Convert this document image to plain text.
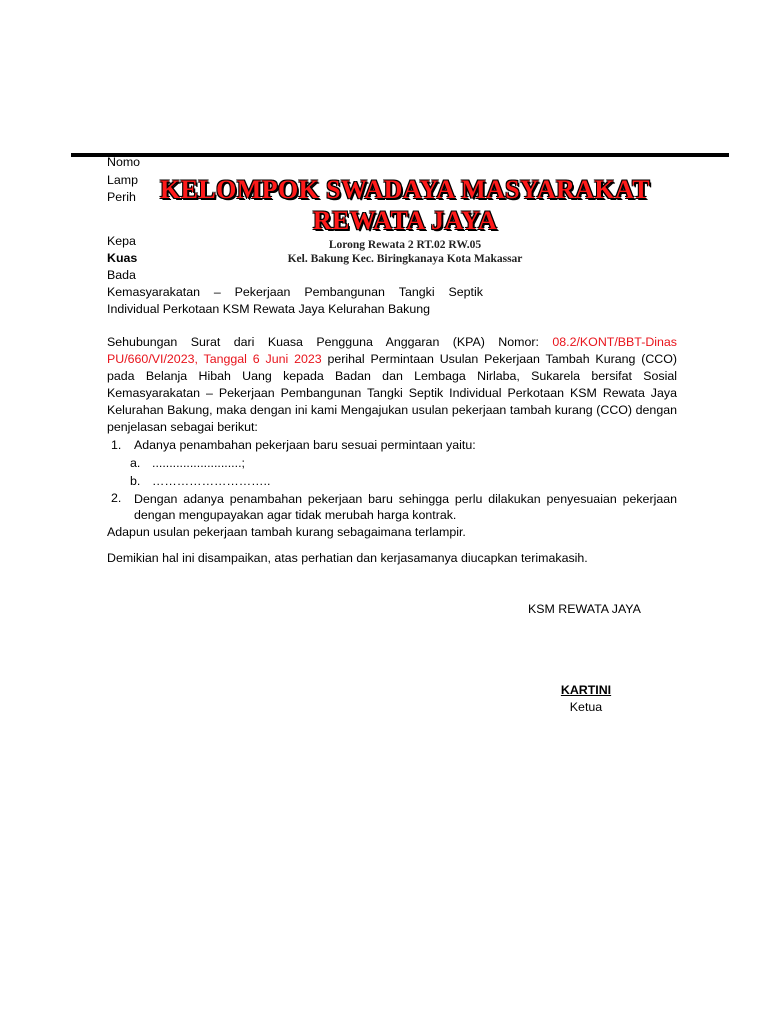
Nomo
Lamp
Perih KELOMPOK SWADAYA MASYARAKAT
REWATA JAYA
Lorong Rewata 2 RT.02 RW.05
Kel. Bakung Kec. Biringkanaya Kota Makassar
Kepa
Kuas
Bada
Kemasyarakatan – Pekerjaan Pembangunan Tangki Septik
Individual Perkotaan KSM Rewata Jaya Kelurahan Bakung
Sehubungan Surat dari Kuasa Pengguna Anggaran (KPA) Nomor: 08.2/KONT/BBT-Dinas
PU/660/VI/2023, Tanggal 6 Juni 2023 perihal Permintaan Usulan Pekerjaan Tambah Kurang (CCO)
pada Belanja Hibah Uang kepada Badan dan Lembaga Nirlaba, Sukarela bersifat Sosial
Kemasyarakatan – Pekerjaan Pembangunan Tangki Septik Individual Perkotaan KSM Rewata Jaya
Kelurahan Bakung, maka dengan ini kami Mengajukan usulan pekerjaan tambah kurang (CCO) dengan
penjelasan sebagai berikut:
1. Adanya penambahan pekerjaan baru sesuai permintaan yaitu:
a. ..........................;
b. ………………………..
2. Dengan adanya penambahan pekerjaan baru sehingga perlu dilakukan penyesuaian pekerjaan
dengan mengupayakan agar tidak merubah harga kontrak.
Adapun usulan pekerjaan tambah kurang sebagaimana terlampir.
Demikian hal ini disampaikan, atas perhatian dan kerjasamanya diucapkan terimakasih.
KSM REWATA JAYA
KARTINI
Ketua
